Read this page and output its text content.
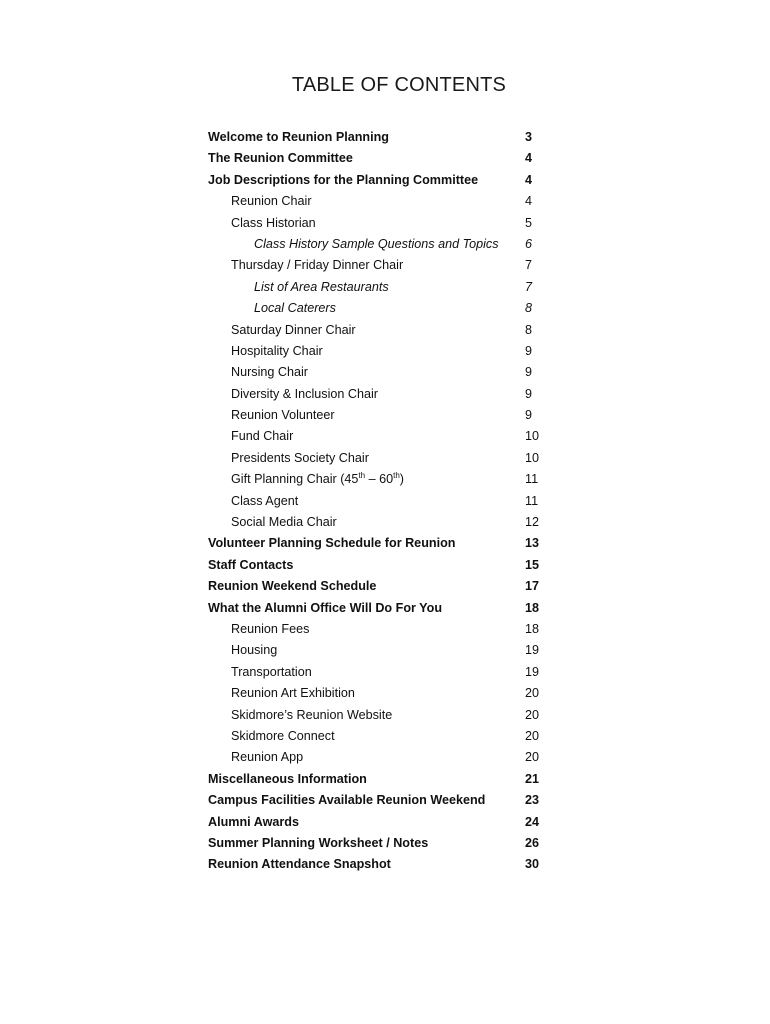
TABLE OF CONTENTS
Welcome to Reunion Planning	3
The Reunion Committee	4
Job Descriptions for the Planning Committee	4
Reunion Chair	4
Class Historian	5
Class History Sample Questions and Topics 6
Thursday / Friday Dinner Chair	7
List of Area Restaurants	7
Local Caterers	8
Saturday Dinner Chair	8
Hospitality Chair	9
Nursing Chair	9
Diversity & Inclusion Chair	9
Reunion Volunteer	9
Fund Chair	10
Presidents Society Chair	10
Gift Planning Chair (45th – 60th)	11
Class Agent	11
Social Media Chair	12
Volunteer Planning Schedule for Reunion	13
Staff Contacts	15
Reunion Weekend Schedule	17
What the Alumni Office Will Do For You	18
Reunion Fees	18
Housing	19
Transportation	19
Reunion Art Exhibition	20
Skidmore’s Reunion Website	20
Skidmore Connect	20
Reunion App	20
Miscellaneous Information	21
Campus Facilities Available Reunion Weekend	23
Alumni Awards	24
Summer Planning Worksheet / Notes	26
Reunion Attendance Snapshot	30
